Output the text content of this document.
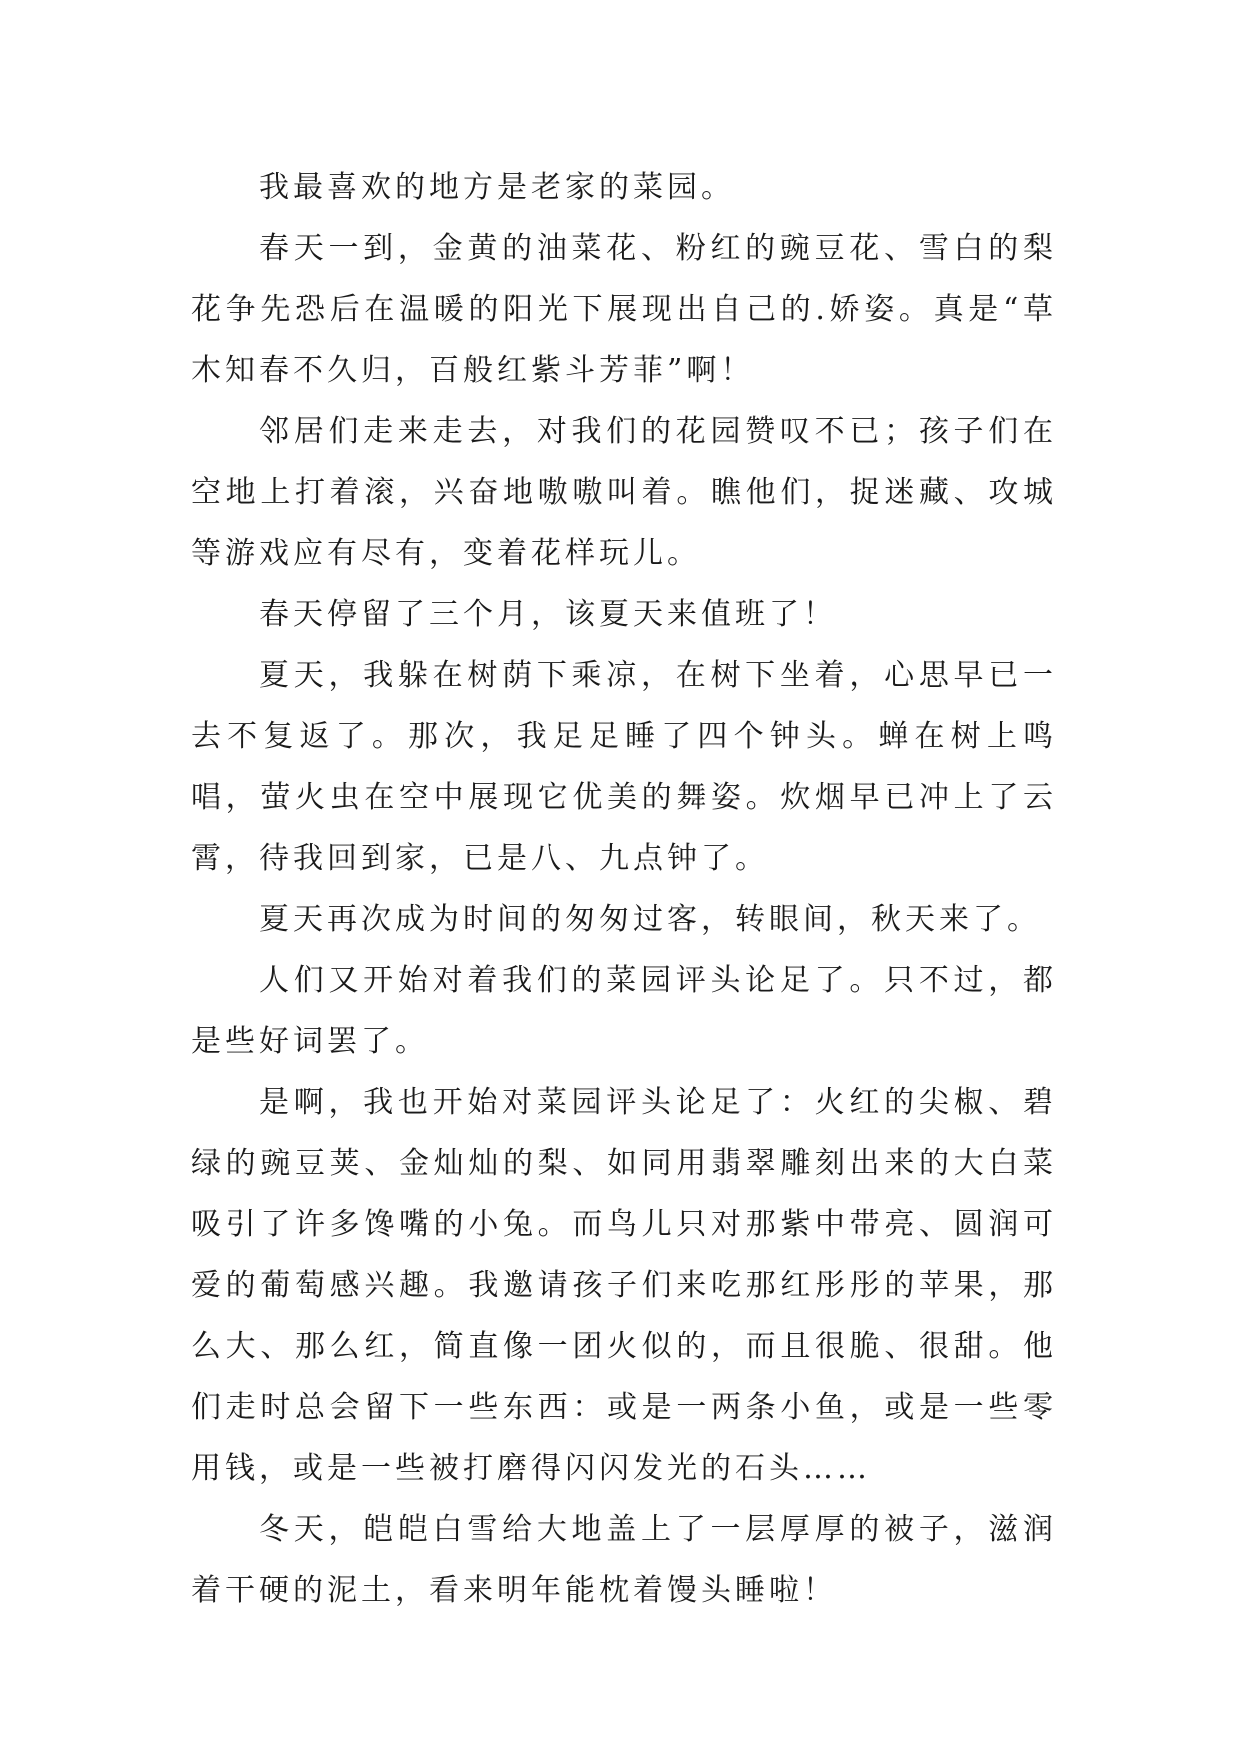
我最喜欢的地方是老家的菜园。

春天一到，金黄的油菜花、粉红的豌豆花、雪白的梨花争先恐后在温暖的阳光下展现出自己的.娇姿。真是“草木知春不久归，百般红紫斗芳菲”啊！

邻居们走来走去，对我们的花园赞叹不已；孩子们在空地上打着滚，兴奋地嗷嗷叫着。瞧他们，捉迷藏、攻城等游戏应有尽有，变着花样玩儿。

春天停留了三个月，该夏天来值班了！

夏天，我躲在树荫下乘凉，在树下坐着，心思早已一去不复返了。那次，我足足睡了四个钟头。蝉在树上鸣唱，萤火虫在空中展现它优美的舞姿。炊烟早已冲上了云霄，待我回到家，已是八、九点钟了。

夏天再次成为时间的匆匆过客，转眼间，秋天来了。

人们又开始对着我们的菜园评头论足了。只不过，都是些好词罢了。

是啊，我也开始对菜园评头论足了：火红的尖椒、碧绿的豌豆荚、金灿灿的梨、如同用翡翠雕刻出来的大白菜吸引了许多馋嘴的小兔。而鸟儿只对那紫中带亮、圆润可爱的葡萄感兴趣。我邀请孩子们来吃那红彤彤的苹果，那么大、那么红，简直像一团火似的，而且很脆、很甜。他们走时总会留下一些东西：或是一两条小鱼，或是一些零用钱，或是一些被打磨得闪闪发光的石头……

冬天，皑皑白雪给大地盖上了一层厚厚的被子，滋润着干硬的泥土，看来明年能枕着馒头睡啦！
